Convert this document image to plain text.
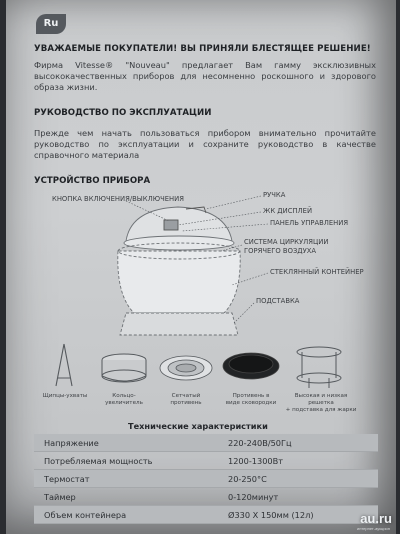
Ru
УВАЖАЕМЫЕ ПОКУПАТЕЛИ! ВЫ ПРИНЯЛИ БЛЕСТЯЩЕЕ РЕШЕНИЕ!
Фирма Vitesse® "Nouveau" предлагает Вам гамму эксклюзивных высококачественных приборов для несомненно роскошного и здорового образа жизни.
РУКОВОДСТВО ПО ЭКСПЛУАТАЦИИ
Прежде чем начать пользоваться прибором внимательно прочитайте руководство по эксплуатации и сохраните руководство в качестве справочного материала
УСТРОЙСТВО ПРИБОРА
КНОПКА ВКЛЮЧЕНИЯ/ВЫКЛЮЧЕНИЯ	РУЧКА
ЖК ДИСПЛЕЙ
ПАНЕЛЬ УПРАВЛЕНИЯ
СИСТЕМА ЦИРКУЛЯЦИИ
ГОРЯЧЕГО ВОЗДУХА
СТЕКЛЯННЫЙ КОНТЕЙНЕР
ПОДСТАВКА
Щипцы-ухваты	Кольцо-увеличитель

Сетчатый противень

Противень в
виде сковородки
Высокая и низкая решетка
+ подставка для жарки
Технические характеристики
Напряжение	220-240В/50Гц
Потребляемая мощность	1200-1300Вт
Термостат	20-250°С
Таймер	0-120минут
Объем контейнера	Ø330 X 150мм (12л)	au.ru
интернет-аукцион
